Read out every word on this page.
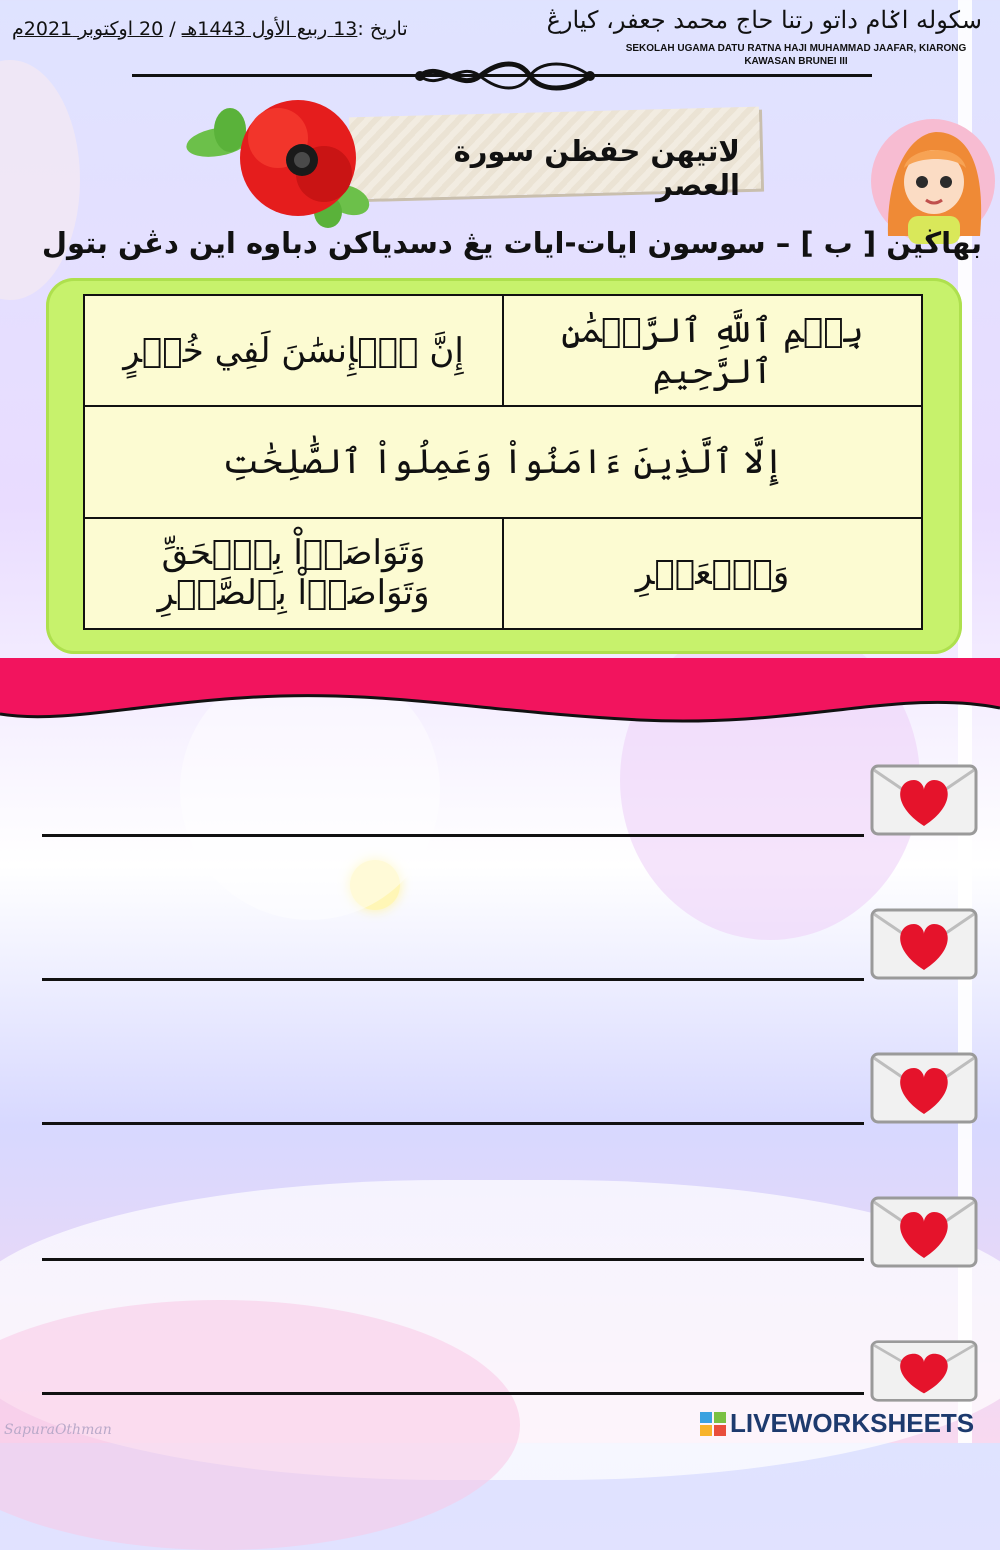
تاريخ :13 ربيع الأول 1443هـ / 20 اوكتوبر 2021م	سکوله اݢام داتو رتنا حاج محمد جعفر، كيارڠ
SEKOLAH UGAMA DATU RATNA HAJI MUHAMMAD JAAFAR, KIARONG
KAWASAN BRUNEI III
لاتيهن حفظن سورة العصر
بهاڬين [ ب ] – سوسون ايات-ايات يڠ دسدياكن دباوه اين دڠن بتول
إِنَّ ٱلۡإِنسَٰنَ لَفِي خُسۡرٍ	بِسۡمِ ٱللَّهِ ٱلرَّحۡمَٰنِ ٱلرَّحِيمِ
إِلَّا ٱلَّذِينَ ءَامَنُواْ وَعَمِلُواْ ٱلصَّٰلِحَٰتِ	
وَتَوَاصَوۡاْ بِٱلۡحَقِّ وَتَوَاصَوۡاْ بِٱلصَّبۡرِ	وَٱلۡعَصۡرِ
SapuraOthman	LIVEWORKSHEETS
